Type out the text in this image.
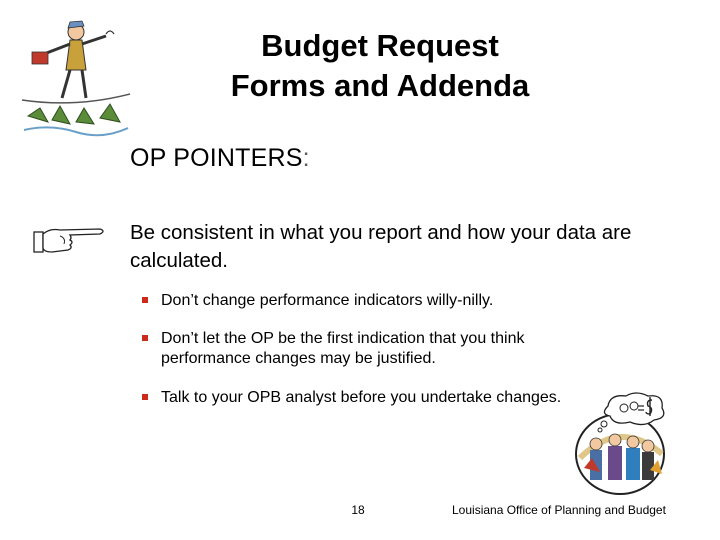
Budget Request
Forms and Addenda
OP POINTERS:
Be consistent in what you report and how your data are calculated.
Don’t change performance indicators willy-nilly.
Don’t let the OP be the first indication that you think performance changes may be justified.
Talk to your OPB analyst before you undertake changes.
18	Louisiana Office of Planning and Budget
